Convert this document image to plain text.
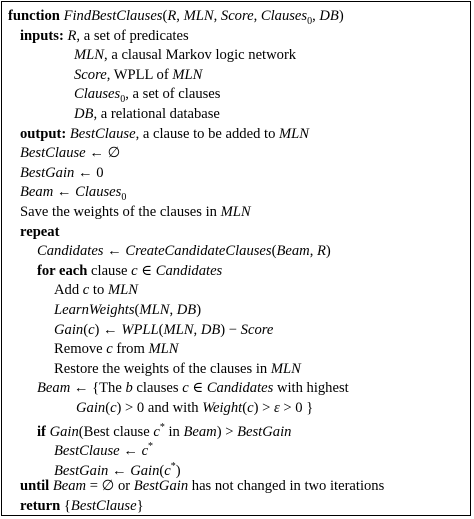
function FindBestClauses(R, MLN, Score, Clauses$_0$, DB)
inputs: R, a set of predicates
MLN, a clausal Markov logic network
Score, WPLL of MLN
Clauses$_0$, a set of clauses
DB, a relational database
output: BestClause, a clause to be added to MLN
BestClause ← ∅
BestGain ← 0
Beam ← Clauses$_0$
Save the weights of the clauses in MLN
repeat
Candidates ← CreateCandidateClauses(Beam, R)
for each clause c ∈ Candidates
Add c to MLN
LearnWeights(MLN, DB)
Gain(c) ← WPLL(MLN, DB) − Score
Remove c from MLN
Restore the weights of the clauses in MLN
Beam ← {The b clauses c ∈ Candidates with highest
Gain(c) > 0 and with Weight(c) > ε > 0 }
if Gain(Best clause c* in Beam) > BestGain
BestClause ← c*
BestGain ← Gain(c*)
until Beam = ∅ or BestGain has not changed in two iterations
return {BestClause}
